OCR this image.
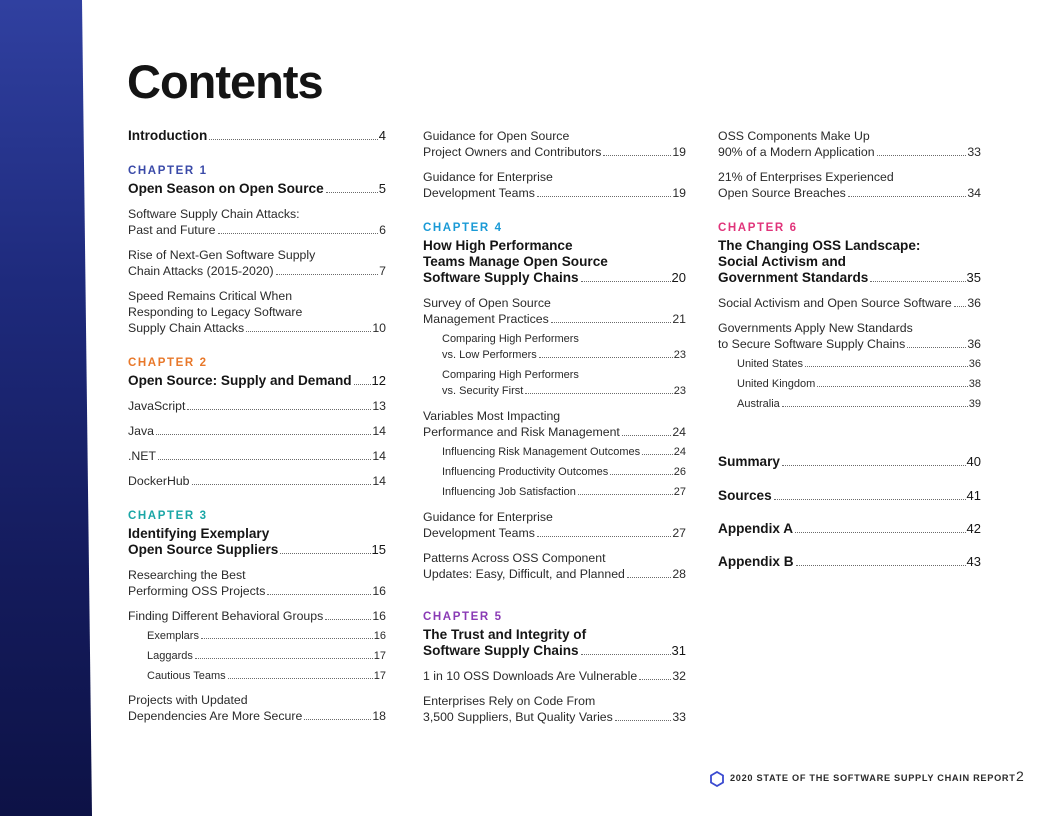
Contents
Introduction	4
CHAPTER 1
Open Season on Open Source	5
Software Supply Chain Attacks:
Past and Future	6
Rise of Next-Gen Software Supply
Chain Attacks (2015-2020)	7
Speed Remains Critical When
Responding to Legacy Software
Supply Chain Attacks	10
CHAPTER 2
Open Source: Supply and Demand 12
JavaScript	13
Java	14
.NET	14
DockerHub	14
CHAPTER 3
Identifying Exemplary
Open Source Suppliers	15
Researching the Best
Performing OSS Projects	16
Finding Different Behavioral Groups	16
Exemplars	16
Laggards	17
Cautious Teams	17
Projects with Updated
Dependencies Are More Secure	18
Guidance for Open Source
Project Owners and Contributors	19
Guidance for Enterprise
Development Teams	19
CHAPTER 4
How High Performance
Teams Manage Open Source
Software Supply Chains	20
Survey of Open Source
Management Practices	21
Comparing High Performers
vs. Low Performers	23
Comparing High Performers
vs. Security First	23
Variables Most Impacting
Performance and Risk Management	24
Influencing Risk Management Outcomes	24
Influencing Productivity Outcomes	26
Influencing Job Satisfaction	27
Guidance for Enterprise
Development Teams	27
Patterns Across OSS Component
Updates: Easy, Difficult, and Planned	28
CHAPTER 5
The Trust and Integrity of
Software Supply Chains	31
1 in 10 OSS Downloads Are Vulnerable	32
Enterprises Rely on Code From
3,500 Suppliers, But Quality Varies	33
OSS Components Make Up
90% of a Modern Application	33
21% of Enterprises Experienced
Open Source Breaches	34
CHAPTER 6
The Changing OSS Landscape:
Social Activism and
Government Standards	35
Social Activism and Open Source Software 36
Governments Apply New Standards
to Secure Software Supply Chains	36
United States	36
United Kingdom	38
Australia	39
Summary	40
Sources	41
Appendix A	42
Appendix B	43
2020 STATE OF THE SOFTWARE SUPPLY CHAIN REPORT 2
